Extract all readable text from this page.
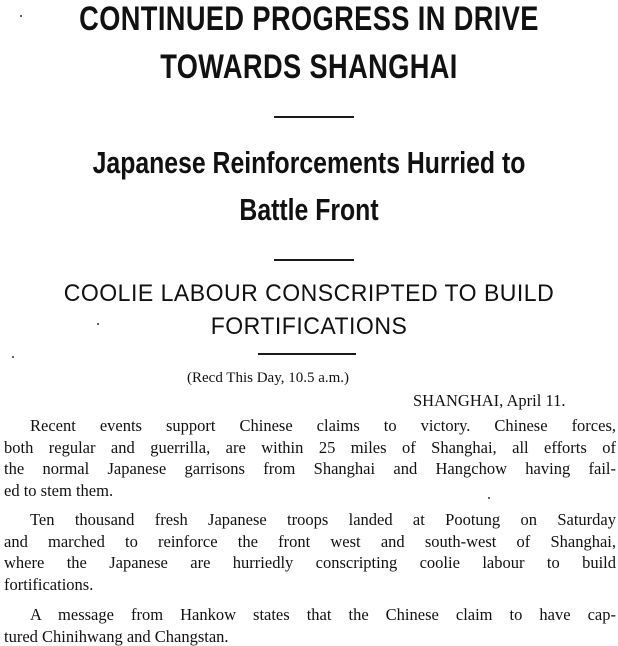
CONTINUED PROGRESS IN DRIVE
TOWARDS SHANGHAI
Japanese Reinforcements Hurried to
Battle Front
COOLIE LABOUR CONSCRIPTED TO BUILD
FORTIFICATIONS
(Recd This Day, 10.5 a.m.)
SHANGHAI, April 11.
Recent events support Chinese claims to victory. Chinese forces,
both regular and guerrilla, are within 25 miles of Shanghai, all efforts of
the normal Japanese garrisons from Shanghai and Hangchow having fail-
ed to stem them.
Ten thousand fresh Japanese troops landed at Pootung on Saturday
and marched to reinforce the front west and south-west of Shanghai,
where the Japanese are hurriedly conscripting coolie labour to build
fortifications.
A message from Hankow states that the Chinese claim to have cap-
tured Chinihwang and Changstan.
